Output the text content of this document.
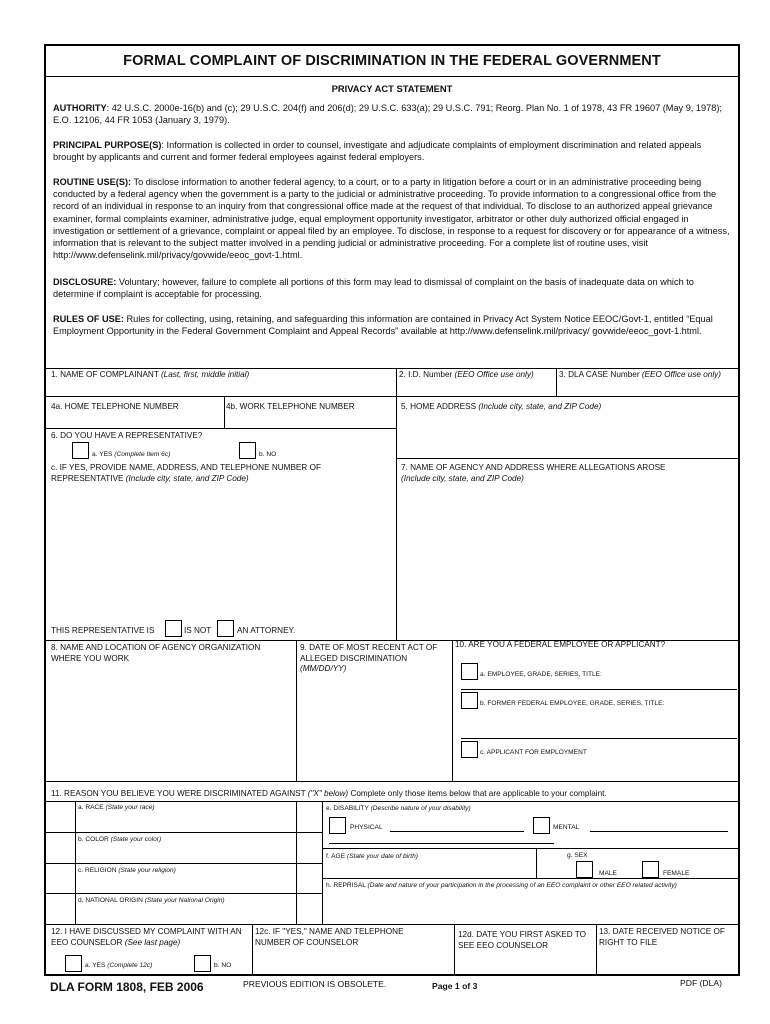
FORMAL COMPLAINT OF DISCRIMINATION IN THE FEDERAL GOVERNMENT
PRIVACY ACT STATEMENT
AUTHORITY: 42 U.S.C. 2000e-16(b) and (c); 29 U.S.C. 204(f) and 206(d); 29 U.S.C. 633(a); 29 U.S.C. 791; Reorg. Plan No. 1 of 1978, 43 FR 19607 (May 9, 1978); E.O. 12106, 44 FR 1053 (January 3, 1979).
PRINCIPAL PURPOSE(S): Information is collected in order to counsel, investigate and adjudicate complaints of employment discrimination and related appeals brought by applicants and current and former federal employees against federal employers.
ROUTINE USE(S): To disclose information to another federal agency, to a court, or to a party in litigation before a court or in an administrative proceeding being conducted by a federal agency when the government is a party to the judicial or administrative proceeding. To provide information to a congressional office from the record of an individual in response to an inquiry from that congressional office made at the request of that individual. To disclose to an authorized appeal grievance examiner, formal complaints examiner, administrative judge, equal employment opportunity investigator, arbitrator or other duly authorized official engaged in investigation or settlement of a grievance, complaint or appeal filed by an employee. To disclose, in response to a request for discovery or for appearance of a witness, information that is relevant to the subject matter involved in a pending judicial or administrative proceeding. For a complete list of routine uses, visit http://www.defenselink.mil/privacy/govwide/eeoc_govt-1.html.
DISCLOSURE: Voluntary; however, failure to complete all portions of this form may lead to dismissal of complaint on the basis of inadequate data on which to determine if complaint is acceptable for processing.
RULES OF USE: Rules for collecting, using, retaining, and safeguarding this information are contained in Privacy Act System Notice EEOC/Govt-1, entitled “Equal Employment Opportunity in the Federal Government Complaint and Appeal Records” available at http://www.defenselink.mil/privacy/ govwide/eeoc_govt-1.html.
1. NAME OF COMPLAINANT (Last, first, middle initial)	2. I.D. Number (EEO Office use only)	3. DLA CASE Number (EEO Office use only)
4a. HOME TELEPHONE NUMBER	4b. WORK TELEPHONE NUMBER	5. HOME ADDRESS (Include city, state, and ZIP Code)
6. DO YOU HAVE A REPRESENTATIVE?
a. YES (Complete Item 6c)	b. NO
c. IF YES, PROVIDE NAME, ADDRESS, AND TELEPHONE NUMBER OF REPRESENTATIVE (Include city, state, and ZIP Code)
7. NAME OF AGENCY AND ADDRESS WHERE ALLEGATIONS AROSE
(Include city, state, and ZIP Code)
THIS REPRESENTATIVE IS	IS NOT	AN ATTORNEY.
8. NAME AND LOCATION OF AGENCY ORGANIZATION WHERE YOU WORK
9. DATE OF MOST RECENT ACT OF ALLEGED DISCRIMINATION
(MM/DD/YY)
10. ARE YOU A FEDERAL EMPLOYEE OR APPLICANT?
a. EMPLOYEE, GRADE, SERIES, TITLE:
b. FORMER FEDERAL EMPLOYEE, GRADE, SERIES, TITLE:
c. APPLICANT FOR EMPLOYMENT
11. REASON YOU BELIEVE YOU WERE DISCRIMINATED AGAINST ("X" below) Complete only those items below that are applicable to your complaint.
a. RACE (State your race)
b. COLOR (State your color)
c. RELIGION (State your religion)
d. NATIONAL ORIGIN (State your National Origin)
e. DISABILITY (Describe nature of your disability)
PHYSICAL	MENTAL
f. AGE (State your date of birth)	g. SEX
MALE	FEMALE
h. REPRISAL (Date and nature of your participation in the processing of an EEO complaint or other EEO related activity)
12. I HAVE DISCUSSED MY COMPLAINT WITH AN EEO COUNSELOR (See last page)
a. YES (Complete 12c)	b. NO
12c. IF "YES," NAME AND TELEPHONE NUMBER OF COUNSELOR
12d. DATE YOU FIRST ASKED TO SEE EEO COUNSELOR
13. DATE RECEIVED NOTICE OF RIGHT TO FILE
DLA FORM 1808, FEB 2006	PREVIOUS EDITION IS OBSOLETE.	Page 1 of 3	PDF (DLA)
